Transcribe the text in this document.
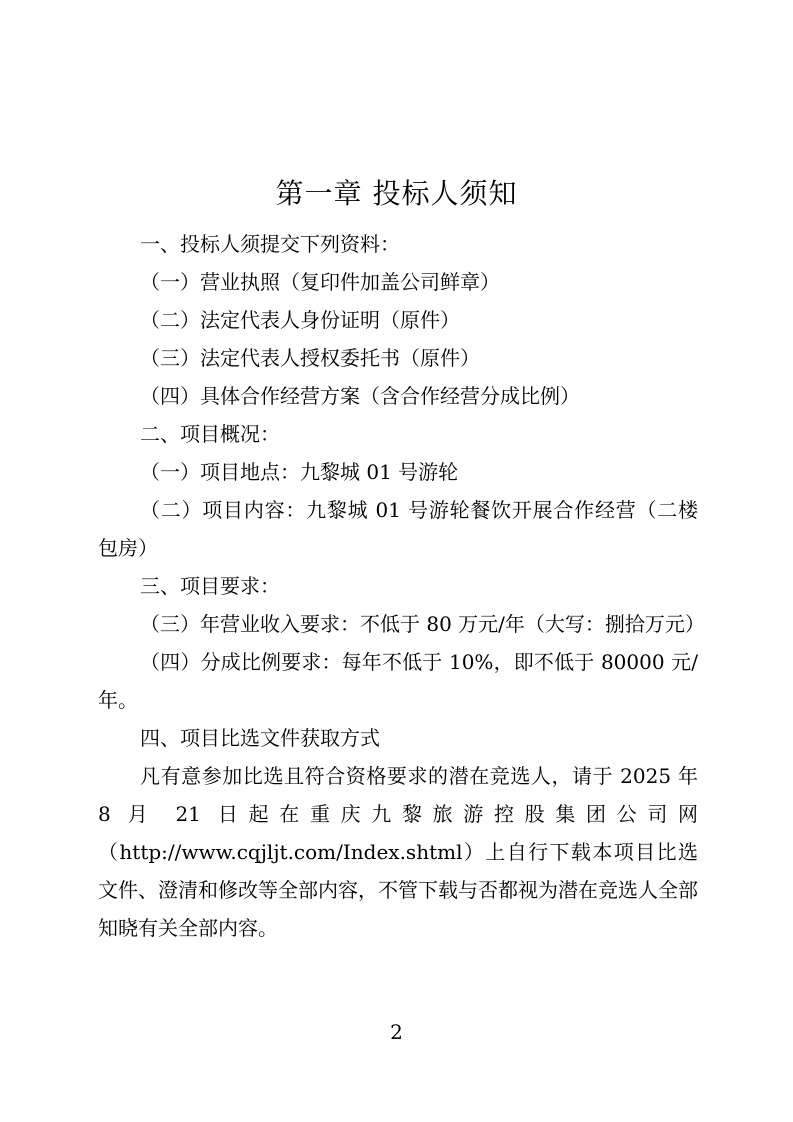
第一章 投标人须知

一、投标人须提交下列资料：

（一）营业执照（复印件加盖公司鲜章）

（二）法定代表人身份证明（原件）

（三）法定代表人授权委托书（原件）

（四）具体合作经营方案（含合作经营分成比例）

二、项目概况：

（一）项目地点：九黎城 01 号游轮

（二）项目内容：九黎城 01 号游轮餐饮开展合作经营（二楼包房）

三、项目要求：

（三）年营业收入要求：不低于 80 万元/年（大写：捌拾万元）

（四）分成比例要求：每年不低于 10%，即不低于 80000 元/年。

四、项目比选文件获取方式

凡有意参加比选且符合资格要求的潜在竞选人，请于 2025 年 8 月 21 日起在重庆九黎旅游控股集团公司网（http://www.cqjljt.com/Index.shtml）上自行下载本项目比选文件、澄清和修改等全部内容，不管下载与否都视为潜在竞选人全部知晓有关全部内容。

2
